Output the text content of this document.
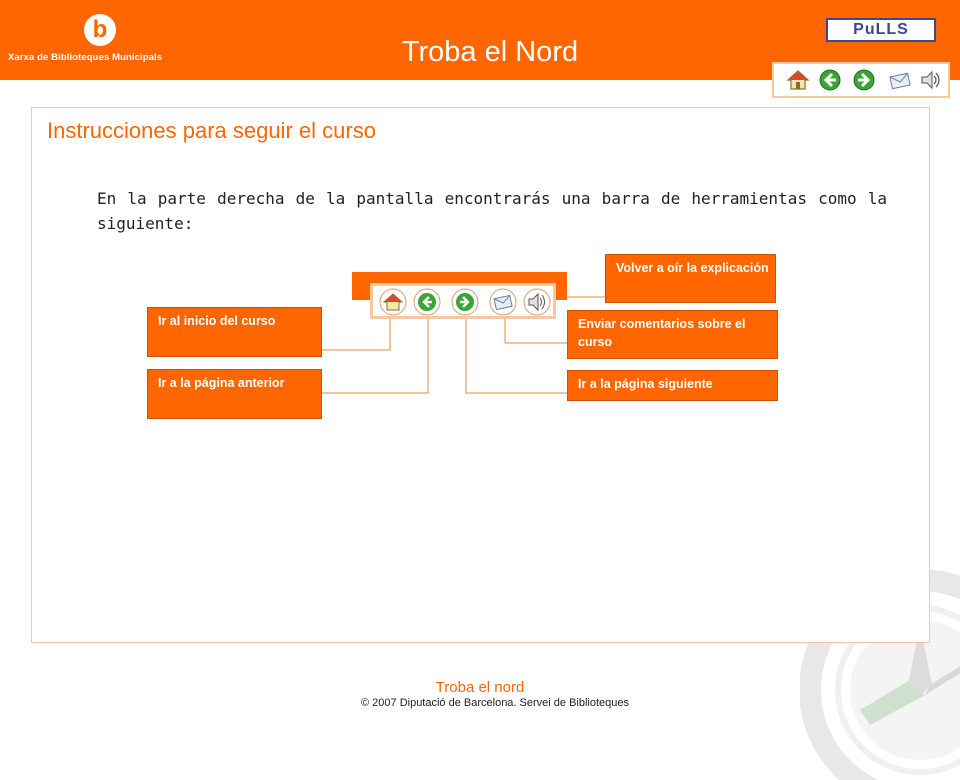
b
Xarxa de Biblioteques Municipals	Troba el Nord
PuLLS
Instrucciones para seguir el curso
En la parte derecha de la pantalla encontrarás una barra de herramientas como la siguiente:
Ir al inicio del curso
Ir a la página anterior
Volver a oír la explicación
Enviar comentarios sobre el curso
Ir a la página siguiente
Troba el nord
© 2007 Diputació de Barcelona. Servei de Biblioteques
